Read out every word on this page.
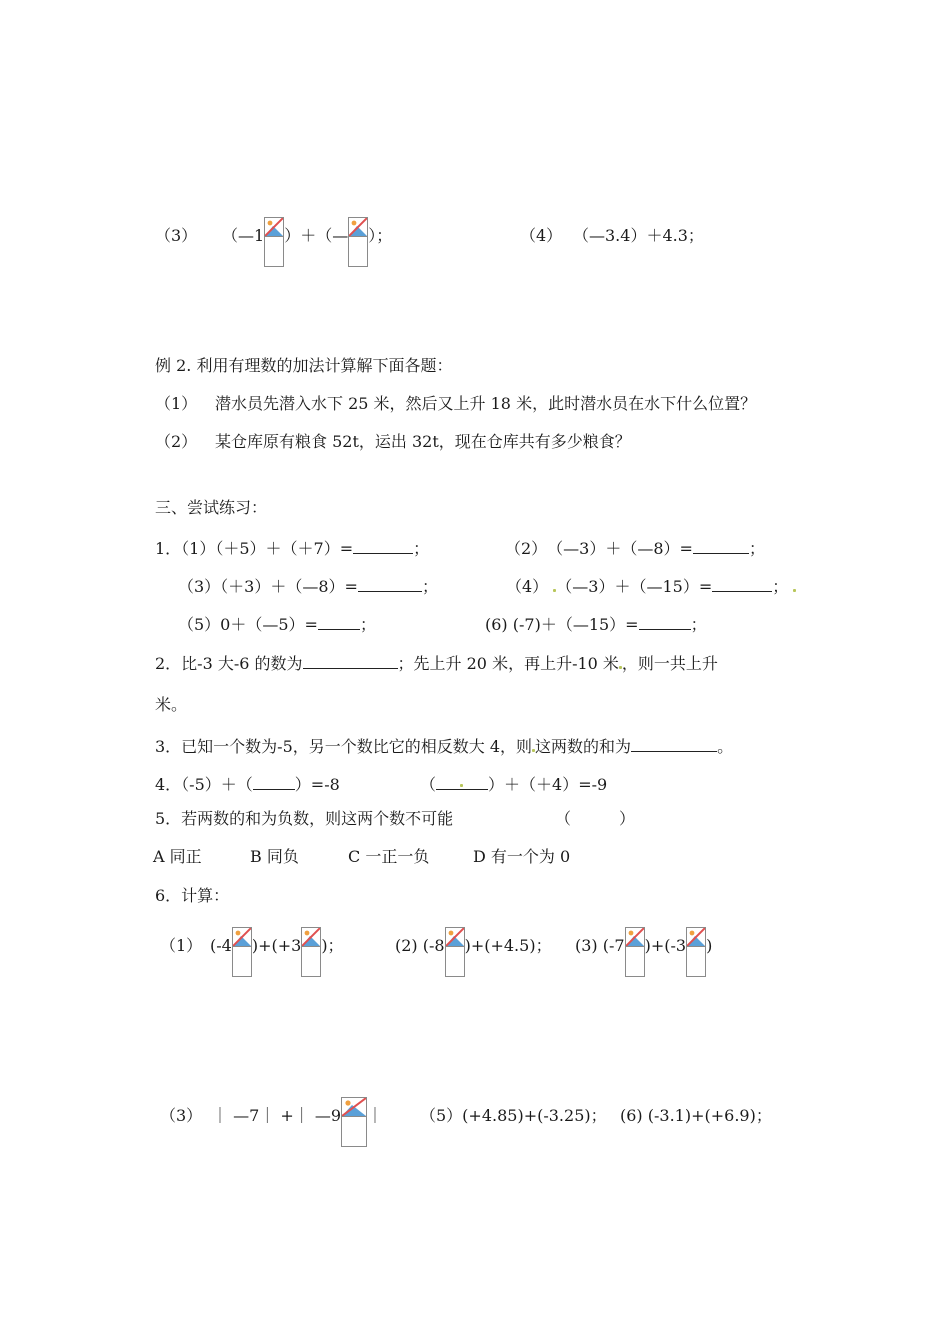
（3） （—1 ）＋（— ）；	（4） （—3.4）＋4.3；
例 2. 利用有理数的加法计算解下面各题：
（1） 潜水员先潜入水下 25 米，然后又上升 18 米，此时潜水员在水下什么位置？
（2） 某仓库原有粮食 52t，运出 32t，现在仓库共有多少粮食？
三、尝试练习：
1．（1）（＋5）＋（＋7）=	；	（2）　（—3）＋（—8）=	；
（3）（＋3）＋（—8）=	；	（4） （—3）＋（—15）=	；
（5）0＋（—5）=	；	(6) (-7)＋（—15）=	；
2．比-3 大-6 的数为	；先上升 20 米，再上升-10 米 ，则一共上升
米。
3．已知一个数为-5，另一个数比它的相反数大 4，则 这两数的和为	。
4．（-5）＋（	）=-8	（	）＋（＋4）=-9
5．若两数的和为负数，则这两个数不可能	（　　　）
A 同正	B 同负	C 一正一负	D 有一个为 0
6．计算：
（1） (-4 )+(+3 )；	(2) (-8 )+(+4.5)； (3) (-7 )+(-3 )
（3） ｜ —7｜ +｜ —9 ｜ （5）(+4.85)+(-3.25)； (6) (-3.1)+(+6.9)；
